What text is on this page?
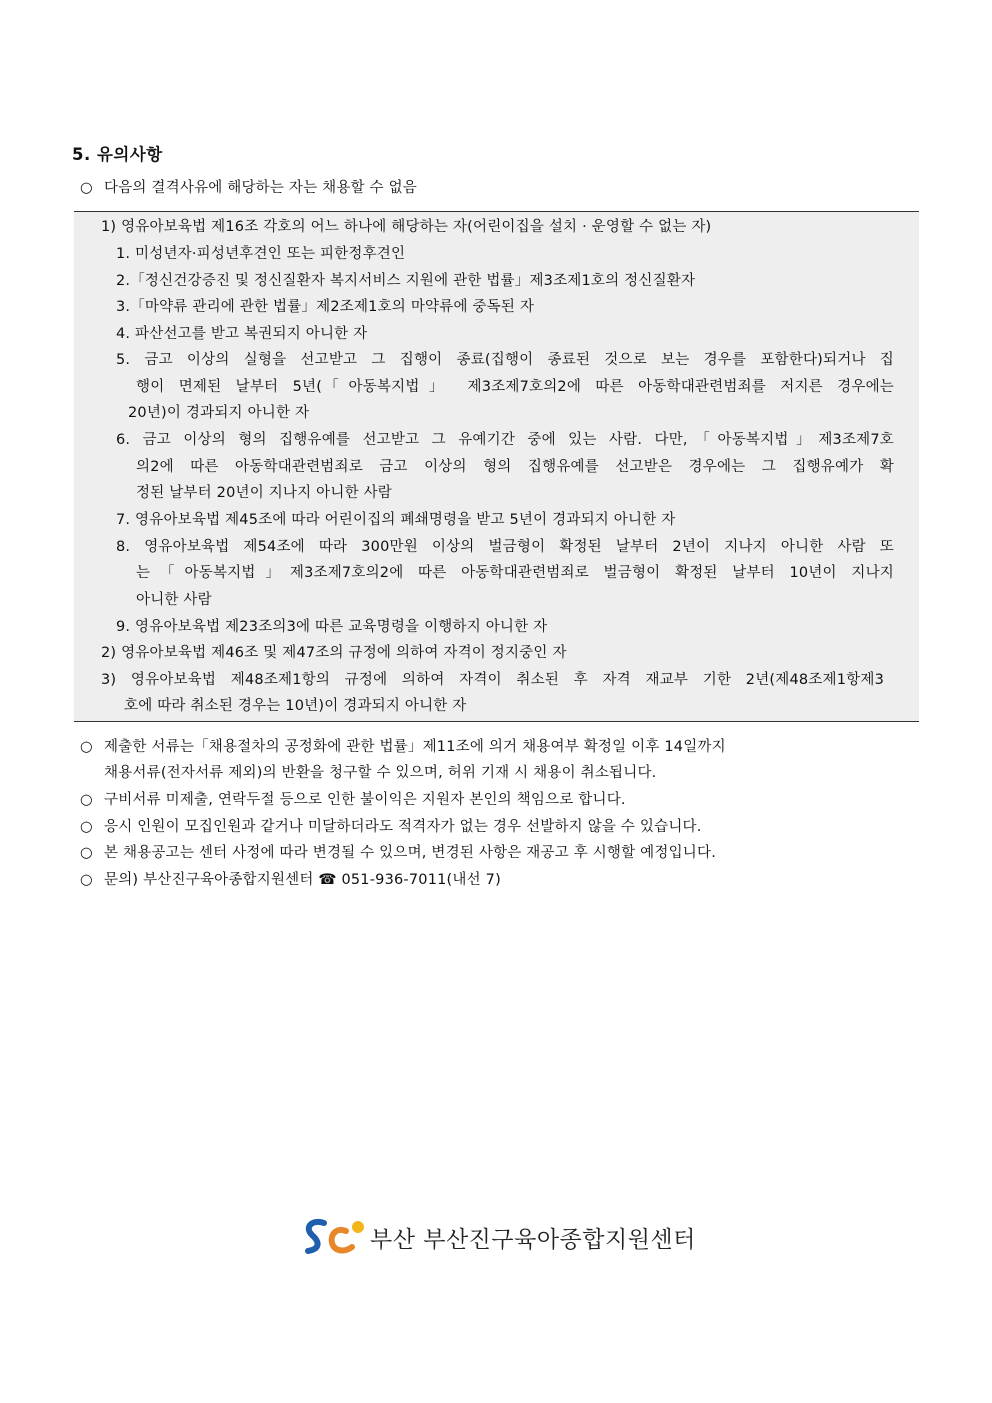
5. 유의사항
○ 다음의 결격사유에 해당하는 자는 채용할 수 없음
1) 영유아보육법 제16조 각호의 어느 하나에 해당하는 자(어린이집을 설치 · 운영할 수 없는 자)
1. 미성년자·피성년후견인 또는 피한정후견인
2.「정신건강증진 및 정신질환자 복지서비스 지원에 관한 법률」제3조제1호의 정신질환자
3.「마약류 관리에 관한 법률」제2조제1호의 마약류에 중독된 자
4. 파산선고를 받고 복권되지 아니한 자
5. 금고 이상의 실형을 선고받고 그 집행이 종료(집행이 종료된 것으로 보는 경우를 포함한다)되거나 집
행이 면제된 날부터 5년(「아동복지법」 제3조제7호의2에 따른 아동학대관련범죄를 저지른 경우에는
20년)이 경과되지 아니한 자
6. 금고 이상의 형의 집행유예를 선고받고 그 유예기간 중에 있는 사람. 다만,「아동복지법」제3조제7호
의2에 따른 아동학대관련범죄로 금고 이상의 형의 집행유예를 선고받은 경우에는 그 집행유예가 확
정된 날부터 20년이 지나지 아니한 사람
7. 영유아보육법 제45조에 따라 어린이집의 폐쇄명령을 받고 5년이 경과되지 아니한 자
8. 영유아보육법 제54조에 따라 300만원 이상의 벌금형이 확정된 날부터 2년이 지나지 아니한 사람 또
는「아동복지법」제3조제7호의2에 따른 아동학대관련범죄로 벌금형이 확정된 날부터 10년이 지나지
아니한 사람
9. 영유아보육법 제23조의3에 따른 교육명령을 이행하지 아니한 자
2) 영유아보육법 제46조 및 제47조의 규정에 의하여 자격이 정지중인 자
3) 영유아보육법 제48조제1항의 규정에 의하여 자격이 취소된 후 자격 재교부 기한 2년(제48조제1항제3
호에 따라 취소된 경우는 10년)이 경과되지 아니한 자
○ 제출한 서류는「채용절차의 공정화에 관한 법률」제11조에 의거 채용여부 확정일 이후 14일까지
채용서류(전자서류 제외)의 반환을 청구할 수 있으며, 허위 기재 시 채용이 취소됩니다.
○ 구비서류 미제출, 연락두절 등으로 인한 불이익은 지원자 본인의 책임으로 합니다.
○ 응시 인원이 모집인원과 같거나 미달하더라도 적격자가 없는 경우 선발하지 않을 수 있습니다.
○ 본 채용공고는 센터 사정에 따라 변경될 수 있으며, 변경된 사항은 재공고 후 시행할 예정입니다.
○ 문의) 부산진구육아종합지원센터 ☎ 051-936-7011(내선 7)
부산 부산진구육아종합지원센터
